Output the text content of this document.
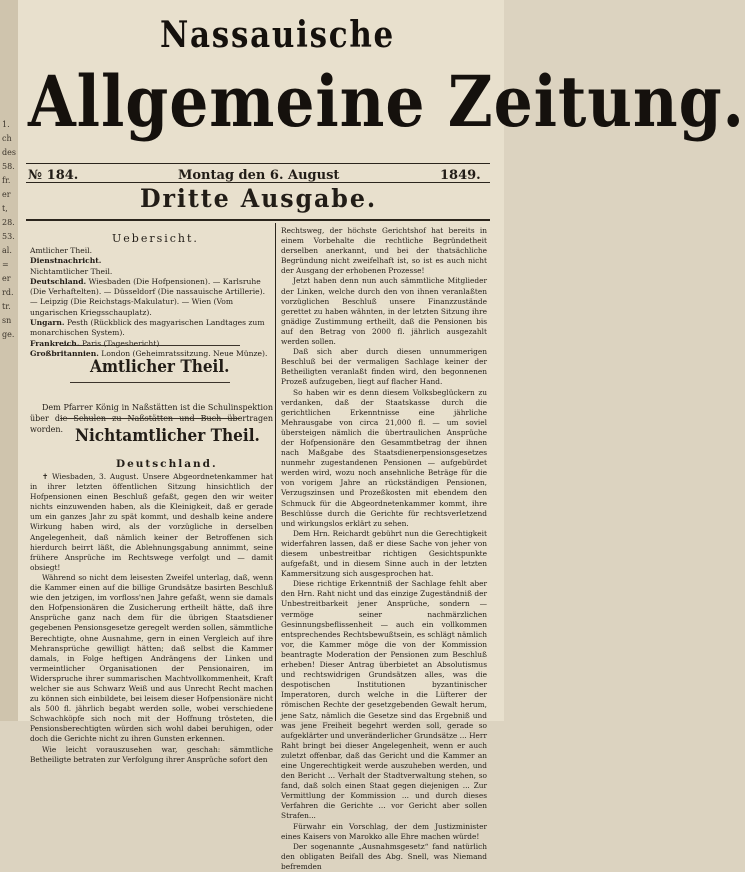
1.
ch
des
58.
fr.
er
t,
28.
53.
al.
=
er
rd.
tr.
sn
ge.
Nassauische
Allgemeine Zeitung.
№ 184.	Montag den 6. August	1849.
Dritte Ausgabe.
Uebersicht.

Amtlicher Theil.

Dienstnachricht.

Nichtamtlicher Theil.

Deutschland. Wiesbaden (Die Hofpensionen). — Karlsruhe (Die Verhaftelten). — Düsseldorf (Die nassauische Artillerie). — Leipzig (Die Reichstags-Makulatur). — Wien (Vom ungarischen Kriegsschauplatz).

Ungarn. Pesth (Rückblick des magyarischen Landtages zum monarchischen System).

Frankreich. Paris (Tagesbericht).

Großbritannien. London (Geheimratssitzung. Neue Münze).

Amtlicher Theil.

Dem Pfarrer König in Naßstätten ist die Schulinspektion über die Schulen zu Naßstätten und Buch übertragen worden. Nichtamtlicher Theil.
Deutschland.

✝ Wiesbaden, 3. August. Unsere Abgeordnetenkammer hat in ihrer letzten öffentlichen Sitzung hinsichtlich der Hofpensionen einen Beschluß gefaßt, gegen den wir weiter nichts einzuwenden haben, als die Kleinigkeit, daß er gerade um ein ganzes Jahr zu spät kommt, und deshalb keine andere Wirkung haben wird, als der vorzügliche in derselben Angelegenheit, daß nämlich keiner der Betroffenen sich hierdurch beirrt läßt, die Ablehnungsgabung annimmt, seine frühere Ansprüche im Rechtswege verfolgt und — damit obsiegt!

Während so nicht dem leisesten Zweifel unterlag, daß, wenn die Kammer einen auf die billige Grundsätze basirten Beschluß wie den jetzigen, im vorfloss'nen Jahre gefaßt, wenn sie damals den Hofpensionären die Zusicherung ertheilt hätte, daß ihre Ansprüche ganz nach dem für die übrigen Staatsdiener gegebenen Pensionsgesetze geregelt werden sollen, sämmtliche Berechtigte, ohne Ausnahme, gern in einen Vergleich auf ihre Mehransprüche gewilligt hätten; daß selbst die Kammer damals, in Folge heftigen Andrängens der Linken und vermeintlicher Organisationen der Pensionairen, im Widerspruche ihrer summarischen Machtvollkommenheit, Kraft welcher sie aus Schwarz Weiß und aus Unrecht Recht machen zu können sich einbildete, bei leisem dieser Hofpensionäre nicht als 500 fl. jährlich begabt werden solle, wobei verschiedene Schwachköpfe sich noch mit der Hoffnung trösteten, die Pensionsberechtigten würden sich wohl dabei beruhigen, oder doch die Gerichte nicht zu ihren Gunsten erkennen.

Wie leicht vorauszusehen war, geschah: sämmtliche Betheiligte betraten zur Verfolgung ihrer Ansprüche sofort den

Rechtsweg, der höchste Gerichtshof hat bereits in einem Vorbehalte die rechtliche Begründetheit derselben anerkannt, und bei der thatsächliche Begründung nicht zweifelhaft ist, so ist es auch nicht der Ausgang der erhobenen Prozesse!

Jetzt haben denn nun auch sämmtliche Mitglieder der Linken, welche durch den von ihnen veranlaßten vorzüglichen Beschluß unsere Finanzzustände gerettet zu haben wähnten, in der letzten Sitzung ihre gnädige Zustimmung ertheilt, daß die Pensionen bis auf den Betrag von 2000 fl. jährlich ausgezahlt werden sollen.

Daß sich aber durch diesen unnummerigen Beschluß bei der vermaligen Sachlage keiner der Betheiligten veranlaßt finden wird, den begonnenen Prozeß aufzugeben, liegt auf flacher Hand.

So haben wir es denn diesem Volksbeglückern zu verdanken, daß der Staatskasse durch die gerichtlichen Erkenntnisse eine jährliche Mehrausgabe von circa 21,000 fl. — um soviel übersteigen nämlich die übertraulichen Ansprüche der Hofpensionäre den Gesammtbetrag der ihnen nach Maßgabe des Staatsdienerpensionsgesetzes nunmehr zugestandenen Pensionen — aufgebürdet werden wird, wozu noch ansehnliche Beträge für die von vorigem Jahre an rückständigen Pensionen, Verzugszinsen und Prozeßkosten mit ebendem den Schmuck für die Abgeordnetenkammer kommt, ihre Beschlüsse durch die Gerichte für rechtsverletzend und wirkungslos erklärt zu sehen.

Dem Hrn. Reichardt gebührt nun die Gerechtigkeit widerfahren lassen, daß er diese Sache von jeher von diesem unbestreitbar richtigen Gesichtspunkte aufgefaßt, und in diesem Sinne auch in der letzten Kammersitzung sich ausgesprochen hat.

Diese richtige Erkenntniß der Sachlage fehlt aber den Hrn. Raht nicht und das einzige Zugeständniß der Unbestreitbarkeit jener Ansprüche, sondern — vermöge seiner nachmärzlichen Gesinnungsbeflissenheit — auch ein vollkommen entsprechendes Rechtsbewußtsein, es schlägt nämlich vor, die Kammer möge die von der Kommission beantragte Moderation der Pensionen zum Beschluß erheben! Dieser Antrag überbietet an Absolutismus und rechtswidrigen Grundsätzen alles, was die despotischen Institutionen byzantinischer Imperatoren, durch welche in die Lüfterer der römischen Rechte der gesetzgebenden Gewalt herum, jene Satz, nämlich die Gesetze sind das Ergebniß und was jene Freiheit begehrt werden soll, gerade so aufgeklärter und unveränderlicher Grundsätze ... Herr Raht bringt bei dieser Angelegenheit, wenn er auch zuletzt offenbar, daß das Gericht und die Kammer an eine Ungerechtigkeit werde auszuheben werden, und den Bericht ... Verhalt der Stadtverwaltung stehen, so fand, daß solch einen Staat gegen diejenigen ... Zur Vermittlung der Kommission ... und durch dieses Verfahren die Gerichte ... vor Gericht aber sollen Strafen...

Fürwahr ein Vorschlag, der dem Justizminister eines Kaisers von Marokko alle Ehre machen würde!

Der sogenannte „Ausnahmsgesetz“ fand natürlich den obligaten Beifall des Abg. Snell, was Niemand befremden
